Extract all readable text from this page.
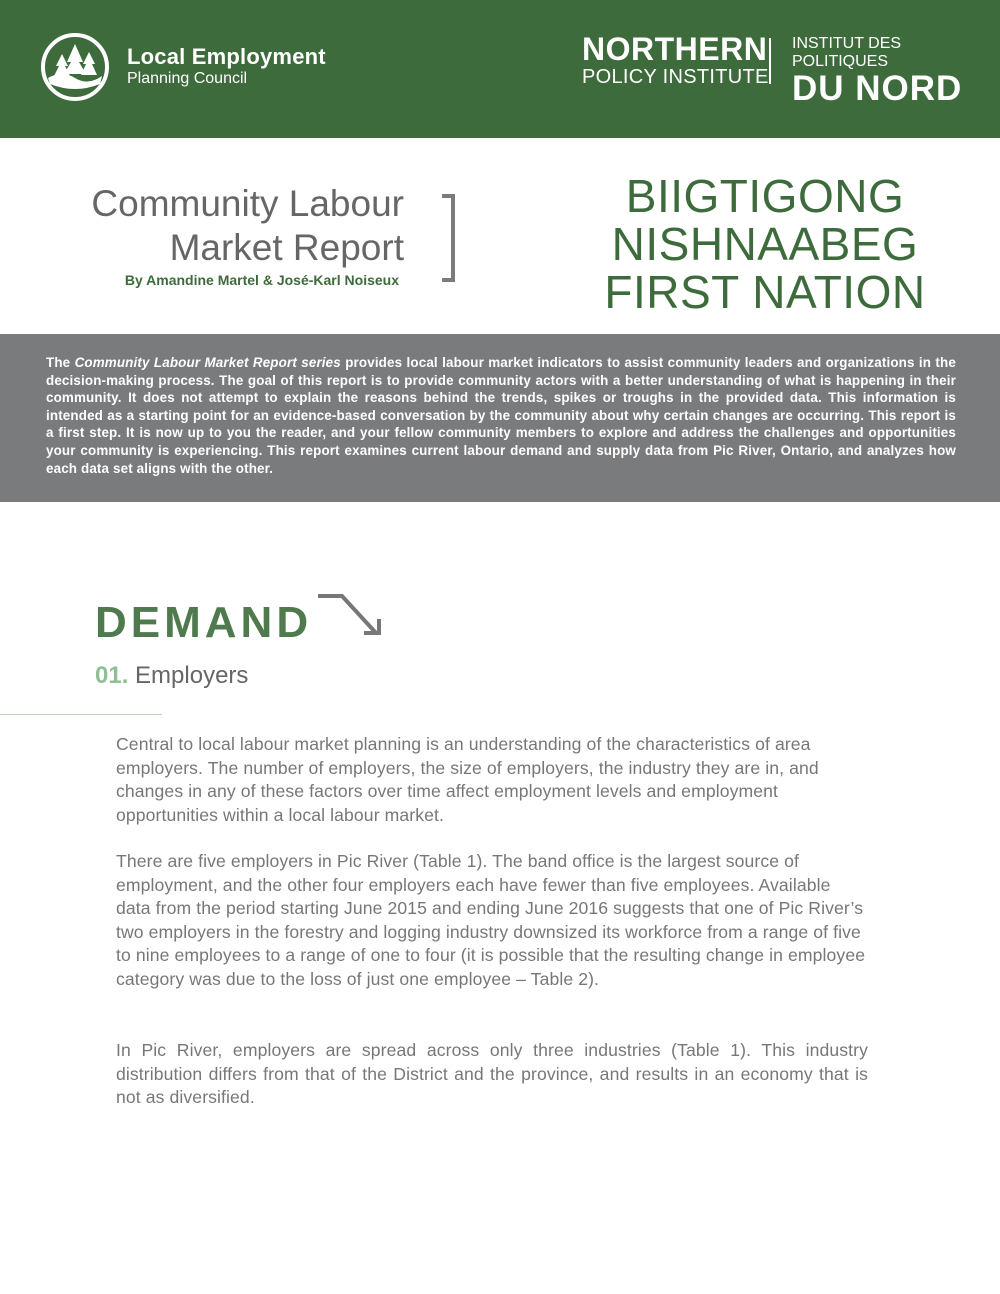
Local Employment
Planning Council
NORTHERN
POLICY INSTITUTE
INSTITUT DES POLITIQUES
DU NORD
Community Labour
Market Report
By Amandine Martel & José-Karl Noiseux
BIIGTIGONG
NISHNAABEG
FIRST NATION
The Community Labour Market Report series provides local labour market indicators to assist community leaders and organizations in the decision-making process. The goal of this report is to provide community actors with a better understanding of what is happening in their community. It does not attempt to explain the reasons behind the trends, spikes or troughs in the provided data. This information is intended as a starting point for an evidence-based conversation by the community about why certain changes are occurring. This report is a first step. It is now up to you the reader, and your fellow community members to explore and address the challenges and opportunities your community is experiencing. This report examines current labour demand and supply data from Pic River, Ontario, and analyzes how each data set aligns with the other.
DEMAND
01. Employers

Central to local labour market planning is an understanding of the characteristics of area employers. The number of employers, the size of employers, the industry they are in, and changes in any of these factors over time affect employment levels and employment opportunities within a local labour market.

There are five employers in Pic River (Table 1). The band office is the largest source of employment, and the other four employers each have fewer than five employees. Available data from the period starting June 2015 and ending June 2016 suggests that one of Pic River’s two employers in the forestry and logging industry downsized its workforce from a range of five to nine employees to a range of one to four (it is possible that the resulting change in employee category was due to the loss of just one employee – Table 2).

In Pic River, employers are spread across only three industries (Table 1). This industry distribution differs from that of the District and the province, and results in an economy that is not as diversified.
